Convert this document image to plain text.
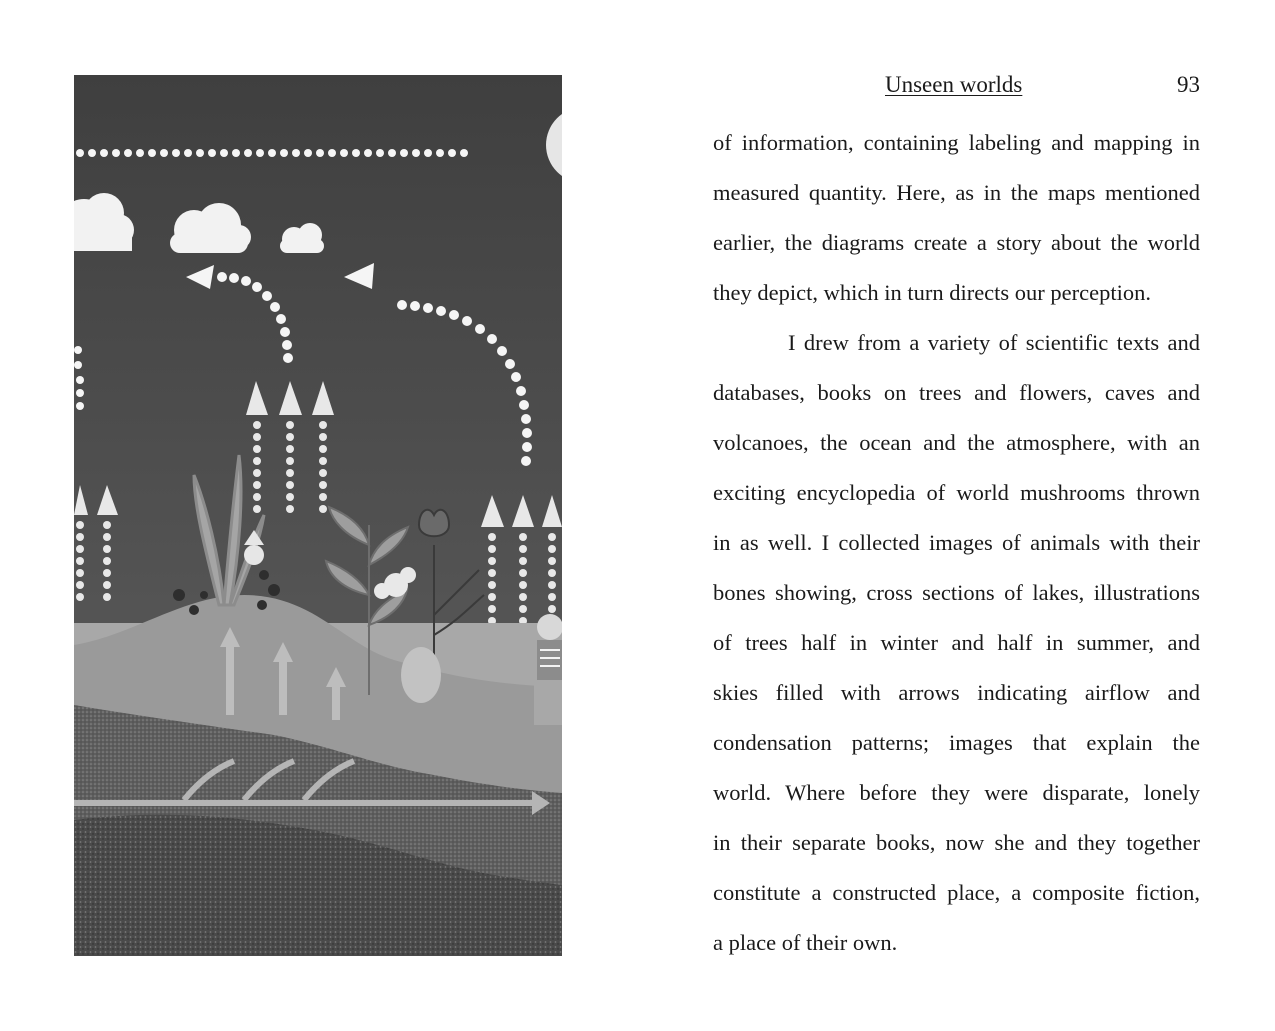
Unseen worlds	93
of information, containing labeling and mapping in
measured quantity. Here, as in the maps mentioned
earlier, the diagrams create a story about the world
they depict, which in turn directs our perception.
I drew from a variety of scientific texts and
databases, books on trees and flowers, caves and
volcanoes, the ocean and the atmosphere, with an
exciting encyclopedia of world mushrooms thrown
in as well. I collected images of animals with their
bones showing, cross sections of lakes, illustrations
of trees half in winter and half in summer, and
skies filled with arrows indicating airflow and
condensation patterns; images that explain the
world. Where before they were disparate, lonely
in their separate books, now she and they together
constitute a constructed place, a composite fiction,
a place of their own.
